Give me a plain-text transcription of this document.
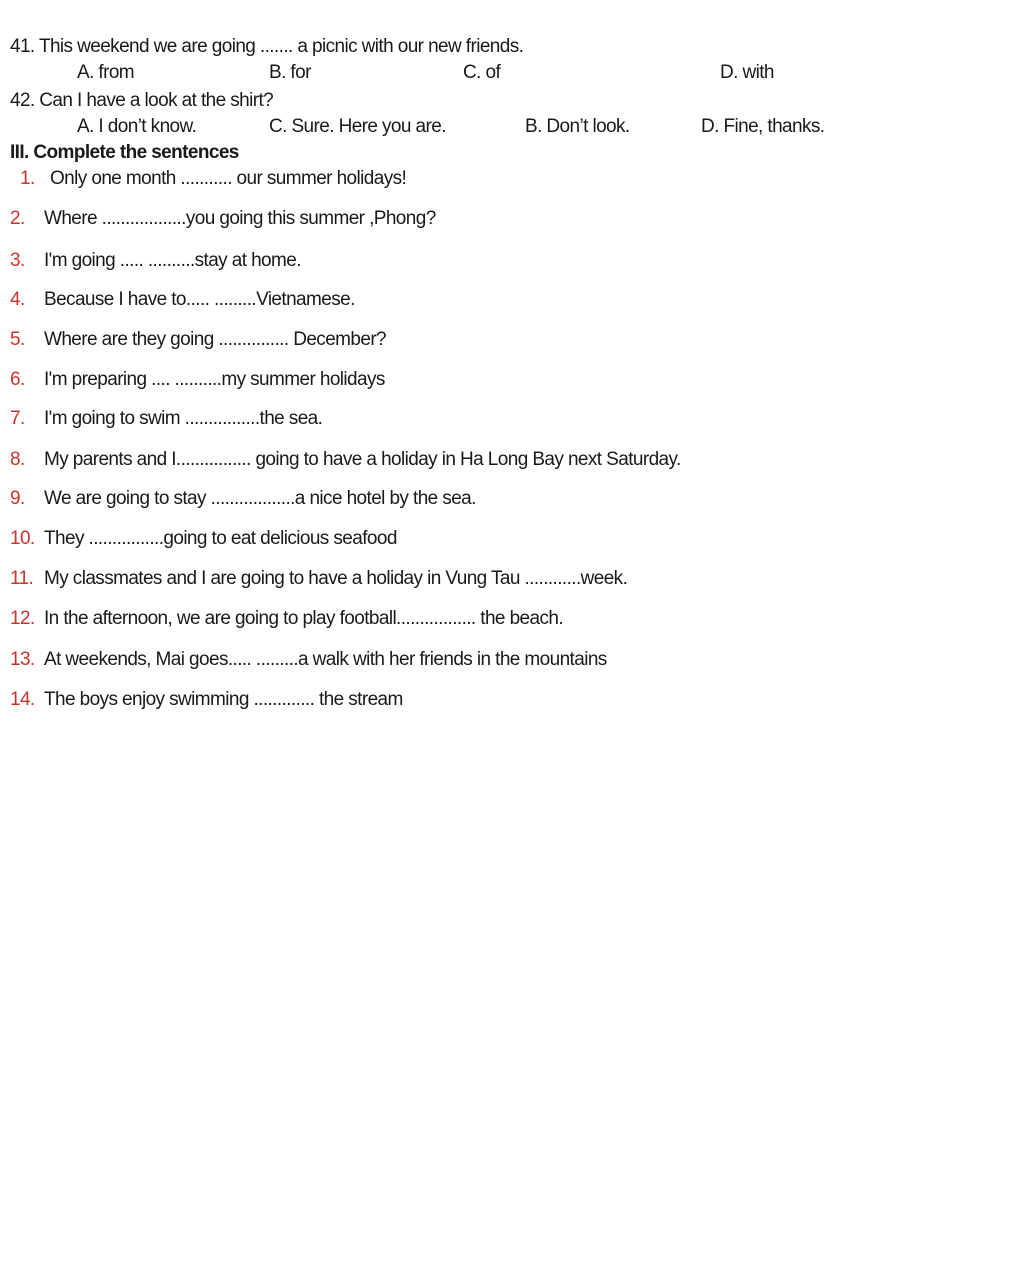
41. This weekend we are going ....... a picnic with our new friends.
A. from	B. for	C. of	D. with
42. Can I have a look at the shirt?
A. I don’t know.	C. Sure. Here you are.	B. Don’t look.	D. Fine, thanks.
III. Complete the sentences
1. Only one month ........... our summer holidays!
2. Where ..................you going this summer ,Phong?
3. I'm going ..... ..........stay at home.
4. Because I have to..... .........Vietnamese.
5. Where are they going ............... December?
6. I'm preparing .... ..........my summer holidays
7. I'm going to swim ................the sea.
8. My parents and I................ going to have a holiday in Ha Long Bay next Saturday.
9. We are going to stay ..................a nice hotel by the sea.
10. They ................going to eat delicious seafood
11. My classmates and I are going to have a holiday in Vung Tau ............week.
12. In the afternoon, we are going to play football................. the beach.
13. At weekends, Mai goes..... .........a walk with her friends in the mountains
14. The boys enjoy swimming ............. the stream
